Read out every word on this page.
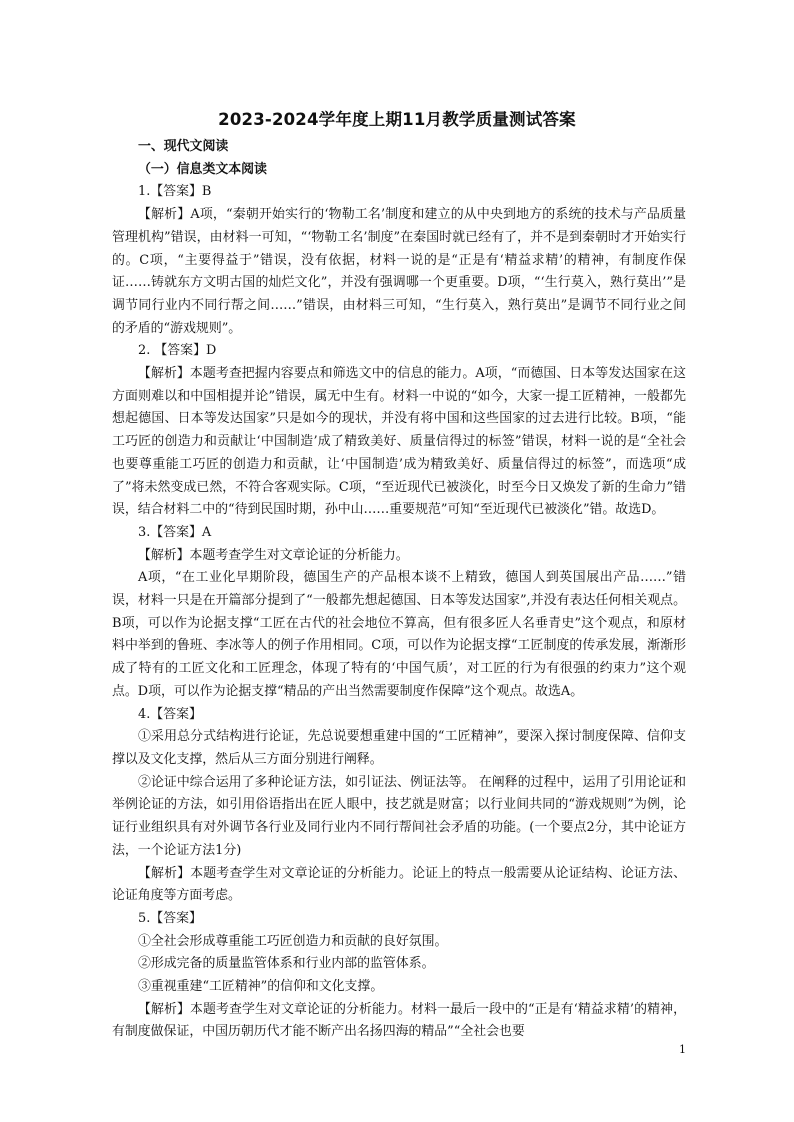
2023-2024学年度上期11月教学质量测试答案

一、现代文阅读

（一）信息类文本阅读

1.【答案】B

【解析】A项，“秦朝开始实行的‘物勒工名’制度和建立的从中央到地方的系统的技术与产品质量管理机构”错误，由材料一可知，“‘物勒工名’制度”在秦国时就已经有了，并不是到秦朝时才开始实行的。C项，“主要得益于”错误，没有依据，材料一说的是“正是有‘精益求精’的精神，有制度作保证……铸就东方文明古国的灿烂文化”，并没有强调哪一个更重要。D项，“‘生行莫入，熟行莫出’”是调节同行业内不同行帮之间……”错误，由材料三可知，“生行莫入，熟行莫出”是调节不同行业之间的矛盾的“游戏规则”。

2. 【答案】D

【解析】本题考查把握内容要点和筛选文中的信息的能力。A项，“而德国、日本等发达国家在这方面则难以和中国相提并论”错误，属无中生有。材料一中说的“如今，大家一提工匠精神，一般都先想起德国、日本等发达国家”只是如今的现状，并没有将中国和这些国家的过去进行比较。B项，“能工巧匠的创造力和贡献让‘中国制造’成了精致美好、质量信得过的标签”错误，材料一说的是“全社会也要尊重能工巧匠的创造力和贡献，让‘中国制造’成为精致美好、质量信得过的标签”，而选项“成了”将未然变成已然，不符合客观实际。C项，“至近现代已被淡化，时至今日又焕发了新的生命力”错误，结合材料二中的“待到民国时期，孙中山……重要规范”可知“至近现代已被淡化”错。故选D。

3.【答案】A

【解析】本题考查学生对文章论证的分析能力。

A项，“在工业化早期阶段，德国生产的产品根本谈不上精致，德国人到英国展出产品……”错误，材料一只是在开篇部分提到了“一般都先想起德国、日本等发达国家”,并没有表达任何相关观点。B项，可以作为论据支撑“工匠在古代的社会地位不算高，但有很多匠人名垂青史”这个观点，和原材料中举到的鲁班、李冰等人的例子作用相同。C项，可以作为论据支撑“工匠制度的传承发展，渐渐形成了特有的工匠文化和工匠理念，体现了特有的‘中国气质’，对工匠的行为有很强的约束力”这个观点。D项，可以作为论据支撑“精品的产出当然需要制度作保障”这个观点。故选A。

4.【答案】

①采用总分式结构进行论证，先总说要想重建中国的“工匠精神”，要深入探讨制度保障、信仰支撑以及文化支撑，然后从三方面分别进行阐释。

②论证中综合运用了多种论证方法，如引证法、例证法等。 在阐释的过程中，运用了引用论证和举例论证的方法，如引用俗语指出在匠人眼中，技艺就是财富；以行业间共同的“游戏规则”为例，论证行业组织具有对外调节各行业及同行业内不同行帮间社会矛盾的功能。(一个要点2分，其中论证方法，一个论证方法1分)

【解析】本题考查学生对文章论证的分析能力。论证上的特点一般需要从论证结构、论证方法、论证角度等方面考虑。

5.【答案】

①全社会形成尊重能工巧匠创造力和贡献的良好氛围。

②形成完备的质量监管体系和行业内部的监管体系。

③重视重建“工匠精神”的信仰和文化支撑。

【解析】本题考查学生对文章论证的分析能力。材料一最后一段中的“正是有‘精益求精’的精神，有制度做保证，中国历朝历代才能不断产出名扬四海的精品”“全社会也要

1
